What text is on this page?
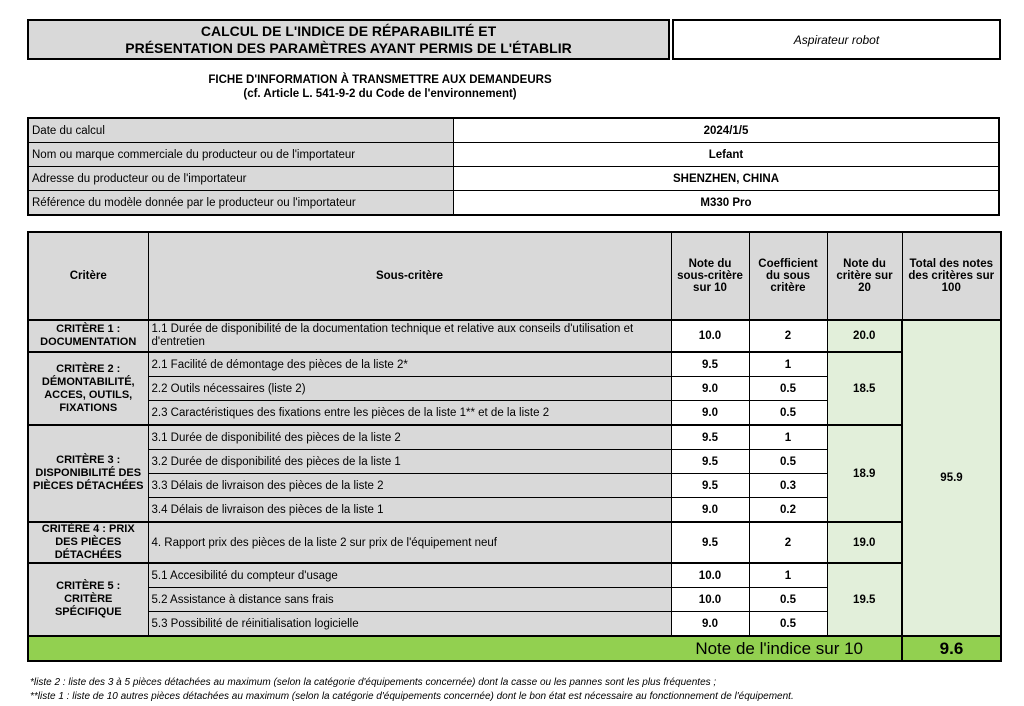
CALCUL DE L'INDICE DE RÉPARABILITÉ ET
PRÉSENTATION DES PARAMÈTRES AYANT PERMIS DE L'ÉTABLIR	Aspirateur robot
FICHE D'INFORMATION À TRANSMETTRE AUX DEMANDEURS
(cf. Article L. 541-9-2 du Code de l'environnement)
Date du calcul	2024/1/5
Nom ou marque commerciale du producteur ou de l'importateur	Lefant
Adresse du producteur ou de l'importateur	SHENZHEN, CHINA
Référence du modèle donnée par le producteur ou l'importateur	M330 Pro
Critère	Sous-critère	Note du sous-critère sur 10	Coefficient du sous critère	Note du critère sur 20	Total des notes des critères sur 100
CRITÈRE 1 : DOCUMENTATION	1.1 Durée de disponibilité de la documentation technique et relative aux conseils d'utilisation et d'entretien	10.0	2	20.0	95.9
CRITÈRE 2 : DÉMONTABILITÉ, ACCES, OUTILS, FIXATIONS	2.1 Facilité de démontage des pièces de la liste 2*	9.5	1	18.5	
	2.2 Outils nécessaires (liste 2)	9.0	0.5		
	2.3 Caractéristiques des fixations entre les pièces de la liste 1** et de la liste 2	9.0	0.5		
CRITÈRE 3 : DISPONIBILITÉ DES PIÈCES DÉTACHÉES	3.1 Durée de disponibilité des pièces de la liste 2	9.5	1	18.9	
	3.2 Durée de disponibilité des pièces de la liste 1	9.5	0.5		
	3.3 Délais de livraison des pièces de la liste 2	9.5	0.3		
	3.4 Délais de livraison des pièces de la liste 1	9.0	0.2		
CRITÈRE 4 : PRIX DES PIÈCES DÉTACHÉES	4. Rapport prix des pièces de la liste 2 sur prix de l'équipement neuf	9.5	2	19.0	
CRITÈRE 5 : CRITÈRE SPÉCIFIQUE	5.1 Accesibilité du compteur d'usage	10.0	1	19.5	
	5.2 Assistance à distance sans frais	10.0	0.5		
	5.3 Possibilité de réinitialisation logicielle	9.0	0.5		
Note de l'indice sur 10					9.6
*liste 2 : liste des 3 à 5 pièces détachées au maximum (selon la catégorie d'équipements concernée) dont la casse ou les pannes sont les plus fréquentes ;
**liste 1 : liste de 10 autres pièces détachées au maximum (selon la catégorie d'équipements concernée) dont le bon état est nécessaire au fonctionnement de l'équipement.
